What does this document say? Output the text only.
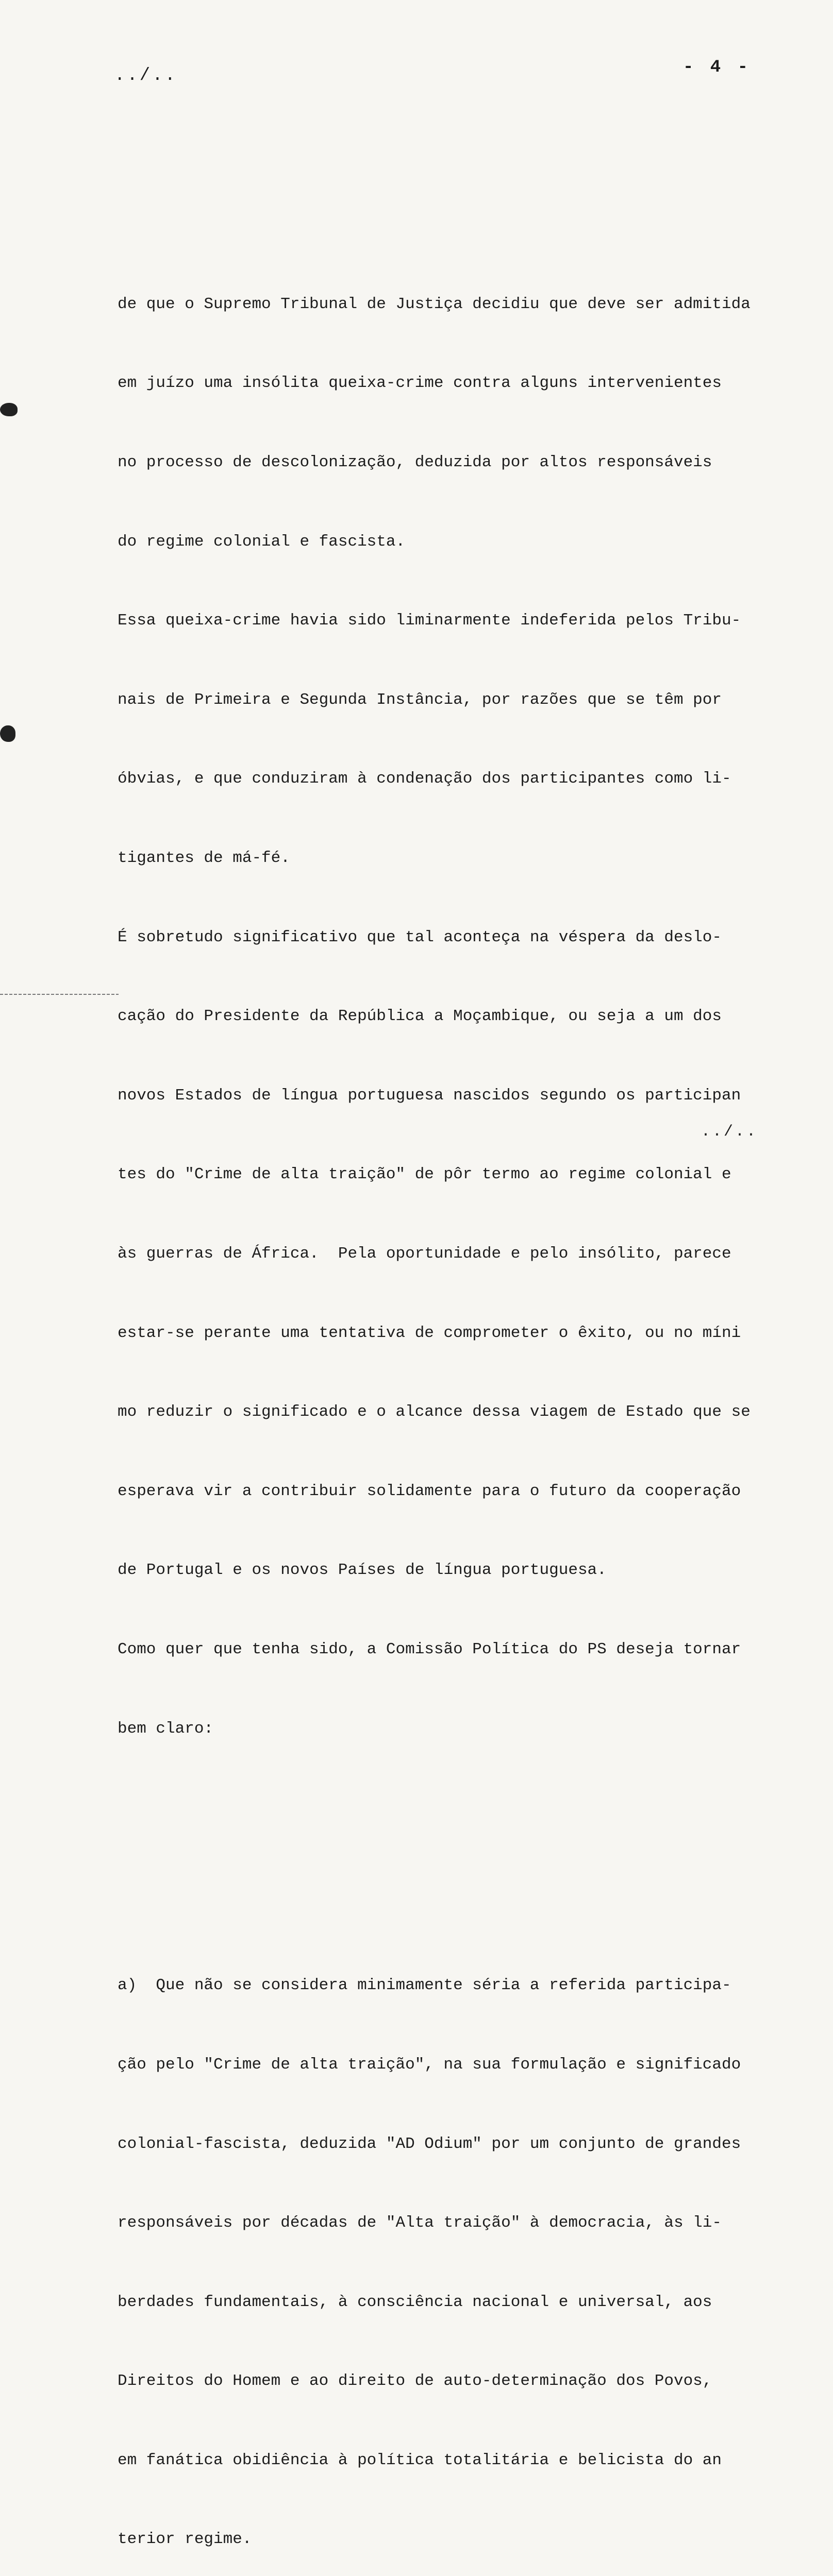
../..	- 4 -

de que o Supremo Tribunal de Justiça decidiu que deve ser admitida

em juízo uma insólita queixa-crime contra alguns intervenientes

no processo de descolonização, deduzida por altos responsáveis

do regime colonial e fascista.

Essa queixa-crime havia sido liminarmente indeferida pelos Tribu-

nais de Primeira e Segunda Instância, por razões que se têm por

óbvias, e que conduziram à condenação dos participantes como li-

tigantes de má-fé.

É sobretudo significativo que tal aconteça na véspera da deslo-

cação do Presidente da República a Moçambique, ou seja a um dos

novos Estados de língua portuguesa nascidos segundo os participan

tes do "Crime de alta traição" de pôr termo ao regime colonial e

às guerras de África.  Pela oportunidade e pelo insólito, parece

estar-se perante uma tentativa de comprometer o êxito, ou no míni

mo reduzir o significado e o alcance dessa viagem de Estado que se

esperava vir a contribuir solidamente para o futuro da cooperação

de Portugal e os novos Países de língua portuguesa.

Como quer que tenha sido, a Comissão Política do PS deseja tornar

bem claro:

a)  Que não se considera minimamente séria a referida participa-

ção pelo "Crime de alta traição", na sua formulação e significado

colonial-fascista, deduzida "AD Odium" por um conjunto de grandes

responsáveis por décadas de "Alta traição" à democracia, às li-

berdades fundamentais, à consciência nacional e universal, aos

Direitos do Homem e ao direito de auto-determinação dos Povos,

em fanática obidiência à política totalitária e belicista do an

terior regime.

../..
